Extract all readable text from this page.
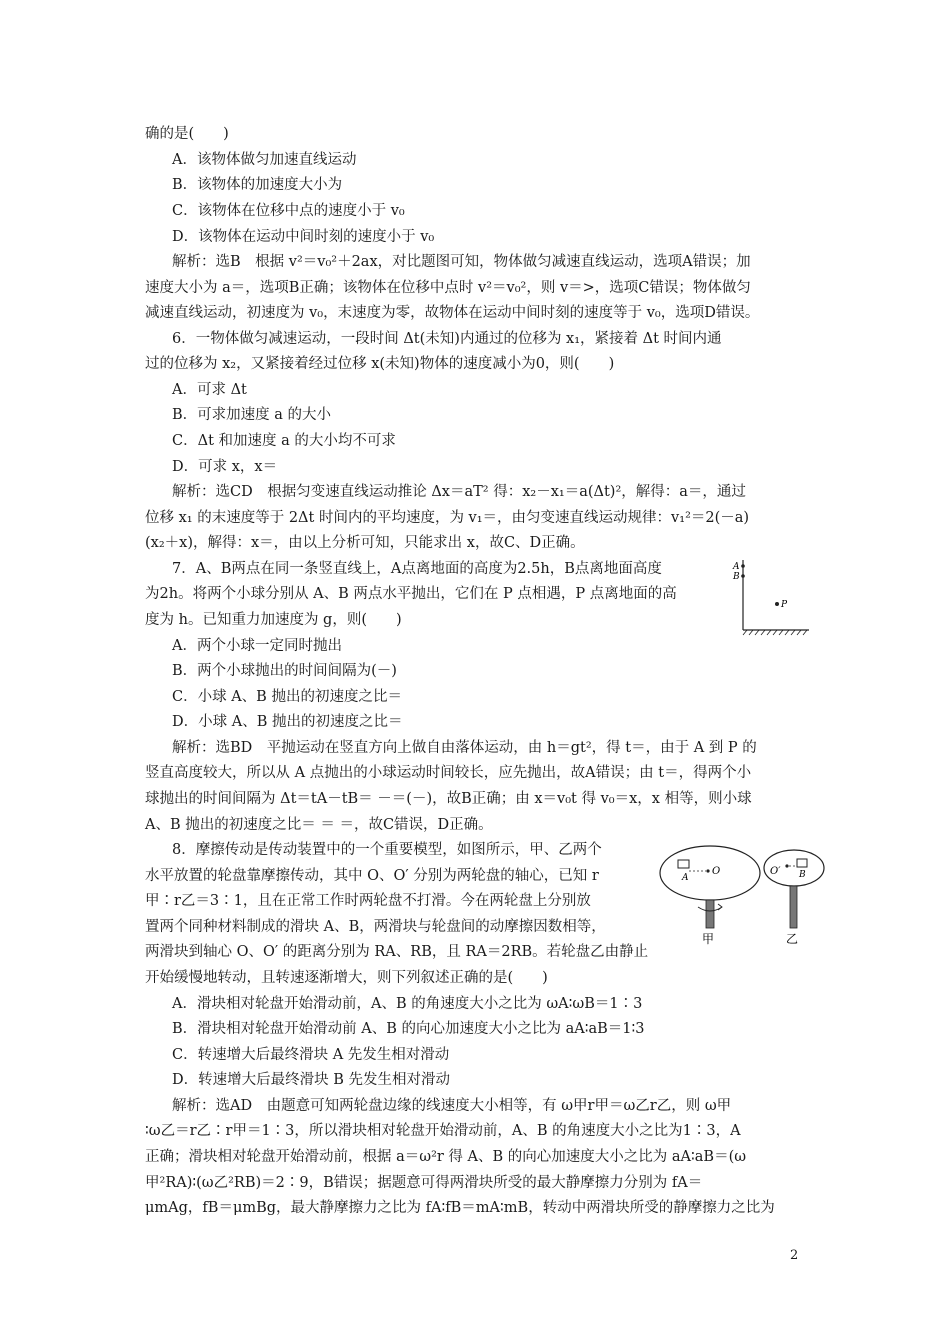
确的是(　　)
A．该物体做匀加速直线运动
B．该物体的加速度大小为
C．该物体在位移中点的速度小于 v₀
D．该物体在运动中间时刻的速度小于 v₀
解析：选B　根据 v²＝v₀²＋2ax，对比题图可知，物体做匀减速直线运动，选项A错误；加
速度大小为 a＝，选项B正确；该物体在位移中点时 v²＝v₀²，则 v＝>，选项C错误；物体做匀
减速直线运动，初速度为 v₀，末速度为零，故物体在运动中间时刻的速度等于 v₀，选项D错误。
6．一物体做匀减速运动，一段时间 Δt(未知)内通过的位移为 x₁，紧接着 Δt 时间内通
过的位移为 x₂，又紧接着经过位移 x(未知)物体的速度减小为0，则(　　)
A．可求 Δt
B．可求加速度 a 的大小
C．Δt 和加速度 a 的大小均不可求
D．可求 x，x＝
解析：选CD　根据匀变速直线运动推论 Δx＝aT² 得：x₂－x₁＝a(Δt)²，解得：a＝，通过
位移 x₁ 的末速度等于 2Δt 时间内的平均速度，为 v₁＝，由匀变速直线运动规律：v₁²＝2(－a)
(x₂＋x)，解得：x＝，由以上分析可知，只能求出 x，故C、D正确。
7．A、B两点在同一条竖直线上，A点离地面的高度为2.5h，B点离地面高度
为2h。将两个小球分别从 A、B 两点水平抛出，它们在 P 点相遇，P 点离地面的高
度为 h。已知重力加速度为 g，则(　　)
A．两个小球一定同时抛出
B．两个小球抛出的时间间隔为(－)
C．小球 A、B 抛出的初速度之比＝
D．小球 A、B 抛出的初速度之比＝
解析：选BD　平抛运动在竖直方向上做自由落体运动，由 h＝gt²，得 t＝，由于 A 到 P 的
竖直高度较大，所以从 A 点抛出的小球运动时间较长，应先抛出，故A错误；由 t＝，得两个小
球抛出的时间间隔为 Δt＝tA－tB＝ －＝(－)，故B正确；由 x＝v₀t 得 v₀＝x，x 相等，则小球
A、B 抛出的初速度之比＝ ＝ ＝，故C错误，D正确。
8．摩擦传动是传动装置中的一个重要模型，如图所示，甲、乙两个
水平放置的轮盘靠摩擦传动，其中 O、O′ 分别为两轮盘的轴心，已知 r
甲∶r乙＝3∶1，且在正常工作时两轮盘不打滑。今在两轮盘上分别放
置两个同种材料制成的滑块 A、B，两滑块与轮盘间的动摩擦因数相等，
两滑块到轴心 O、O′ 的距离分别为 RA、RB，且 RA＝2RB。若轮盘乙由静止
开始缓慢地转动，且转速逐渐增大，则下列叙述正确的是(　　)
A．滑块相对轮盘开始滑动前，A、B 的角速度大小之比为 ωA∶ωB＝1∶3
B．滑块相对轮盘开始滑动前 A、B 的向心加速度大小之比为 aA∶aB＝1∶3
C．转速增大后最终滑块 A 先发生相对滑动
D．转速增大后最终滑块 B 先发生相对滑动
解析：选AD　由题意可知两轮盘边缘的线速度大小相等，有 ω甲r甲＝ω乙r乙，则 ω甲
∶ω乙＝r乙∶r甲＝1∶3，所以滑块相对轮盘开始滑动前，A、B 的角速度大小之比为1∶3，A
正确；滑块相对轮盘开始滑动前，根据 a＝ω²r 得 A、B 的向心加速度大小之比为 aA∶aB＝(ω
甲²RA)∶(ω乙²RB)＝2∶9，B错误；据题意可得两滑块所受的最大静摩擦力分别为 fA＝
μmAg，fB＝μmBg，最大静摩擦力之比为 fA∶fB＝mA∶mB，转动中两滑块所受的静摩擦力之比为
A
B
P
A
O	O′ B
甲	乙
2
